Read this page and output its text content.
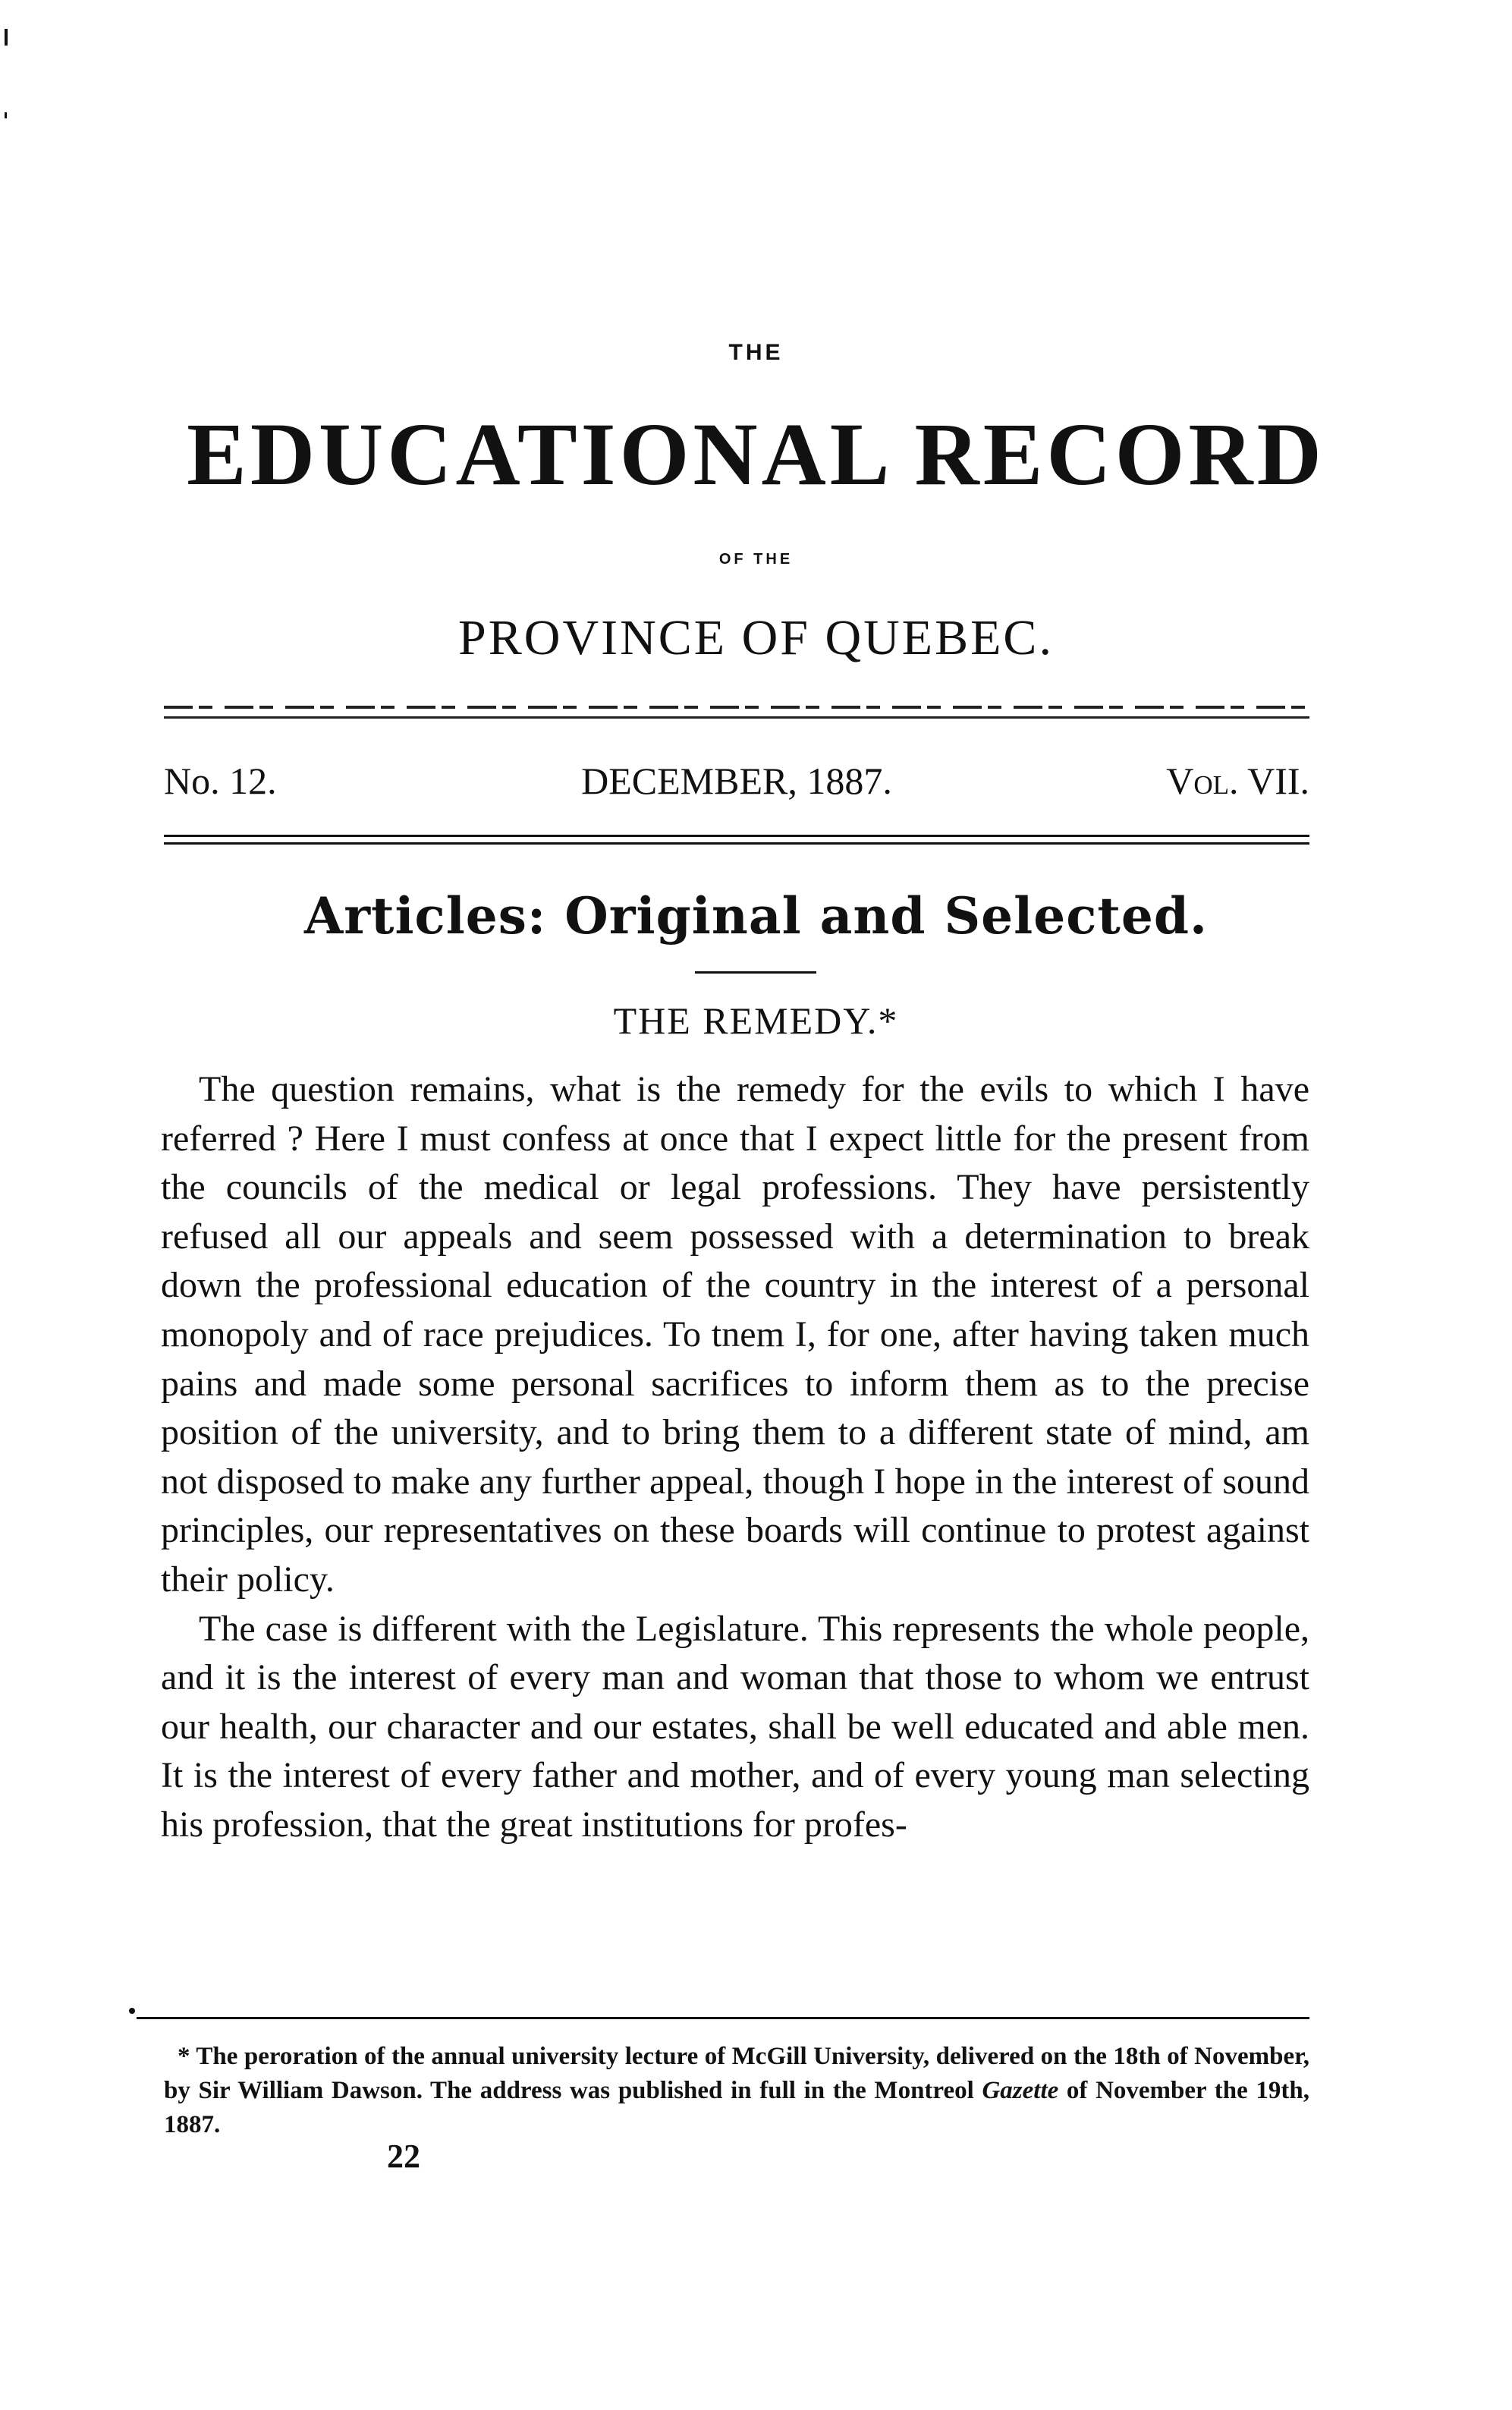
THE
EDUCATIONAL RECORD
OF THE
PROVINCE OF QUEBEC.
No. 12.	DECEMBER, 1887.	Vol. VII.
Articles: Original and Selected.
THE REMEDY.*

The question remains, what is the remedy for the evils to which I have referred ? Here I must confess at once that I expect little for the present from the councils of the medical or legal professions. They have persistently refused all our appeals and seem possessed with a determination to break down the professional education of the country in the interest of a personal monopoly and of race prejudices. To tnem I, for one, after having taken much pains and made some personal sacrifices to inform them as to the precise position of the university, and to bring them to a different state of mind, am not disposed to make any further appeal, though I hope in the interest of sound principles, our representatives on these boards will continue to protest against their policy.

The case is different with the Legislature. This represents the whole people, and it is the interest of every man and woman that those to whom we entrust our health, our character and our estates, shall be well educated and able men. It is the interest of every father and mother, and of every young man selecting his profession, that the great institutions for profes-

* The peroration of the annual university lecture of McGill University, delivered on the 18th of November, by Sir William Dawson. The address was published in full in the Montreol Gazette of November the 19th, 1887.

22
